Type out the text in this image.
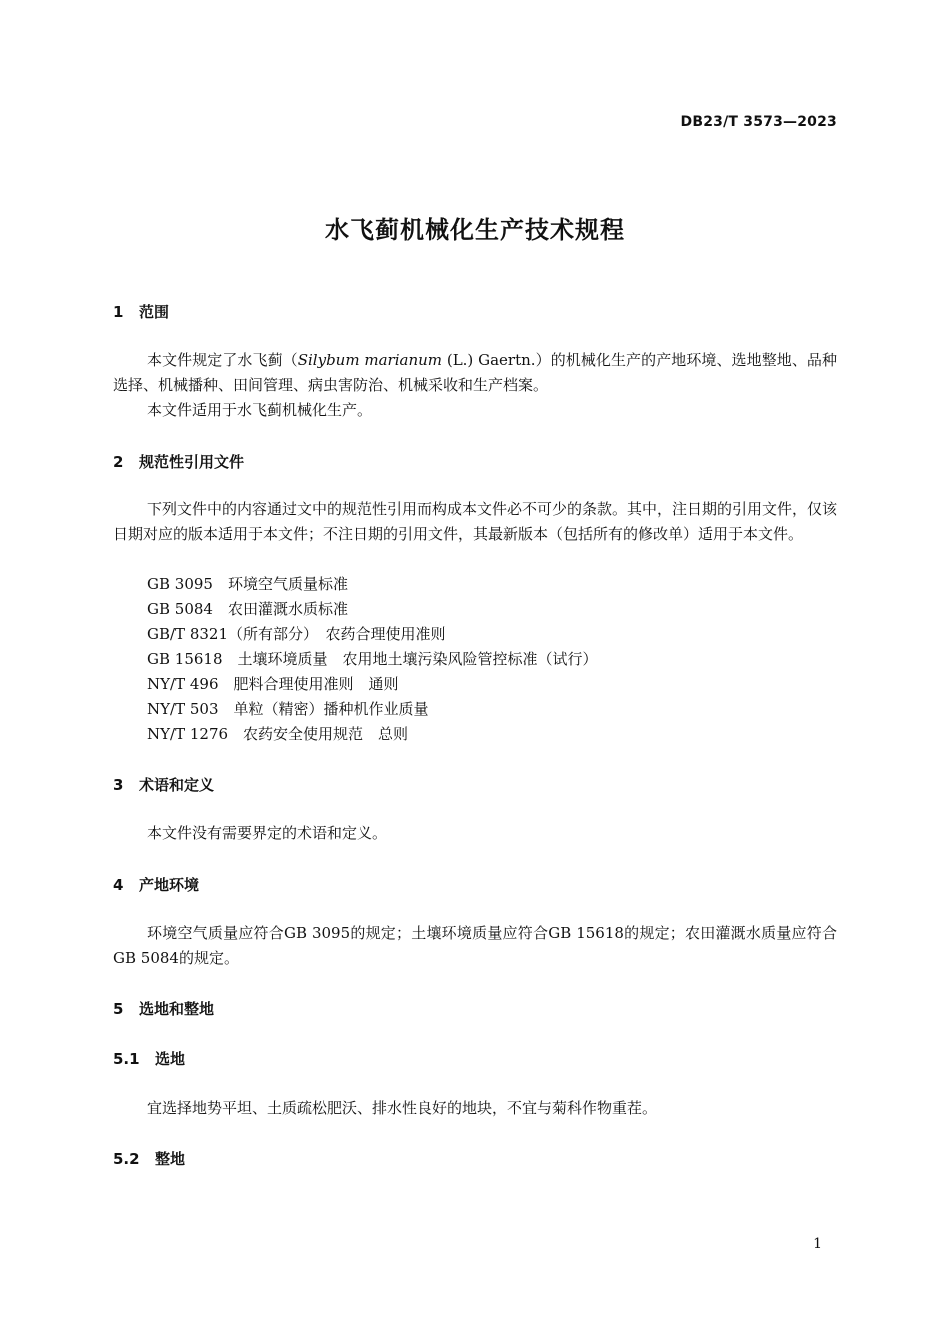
DB23/T 3573—2023
水飞蓟机械化生产技术规程
1 范围
本文件规定了水飞蓟（Silybum marianum (L.) Gaertn.）的机械化生产的产地环境、选地整地、品种选择、机械播种、田间管理、病虫害防治、机械采收和生产档案。
本文件适用于水飞蓟机械化生产。
2 规范性引用文件
下列文件中的内容通过文中的规范性引用而构成本文件必不可少的条款。其中，注日期的引用文件，仅该日期对应的版本适用于本文件；不注日期的引用文件，其最新版本（包括所有的修改单）适用于本文件。
GB 3095　 环境空气质量标准
GB 5084　 农田灌溉水质标准
GB/T 8321（所有部分）　 农药合理使用准则
GB 15618　 土壤环境质量　农用地土壤污染风险管控标准（试行）
NY/T 496　 肥料合理使用准则　通则
NY/T 503　 单粒（精密）播种机作业质量
NY/T 1276　 农药安全使用规范　总则
3 术语和定义
本文件没有需要界定的术语和定义。
4 产地环境
环境空气质量应符合GB 3095的规定；土壤环境质量应符合GB 15618的规定；农田灌溉水质量应符合GB 5084的规定。
5 选地和整地
5.1 选地
宜选择地势平坦、土质疏松肥沃、排水性良好的地块，不宜与菊科作物重茬。
5.2 整地
1
